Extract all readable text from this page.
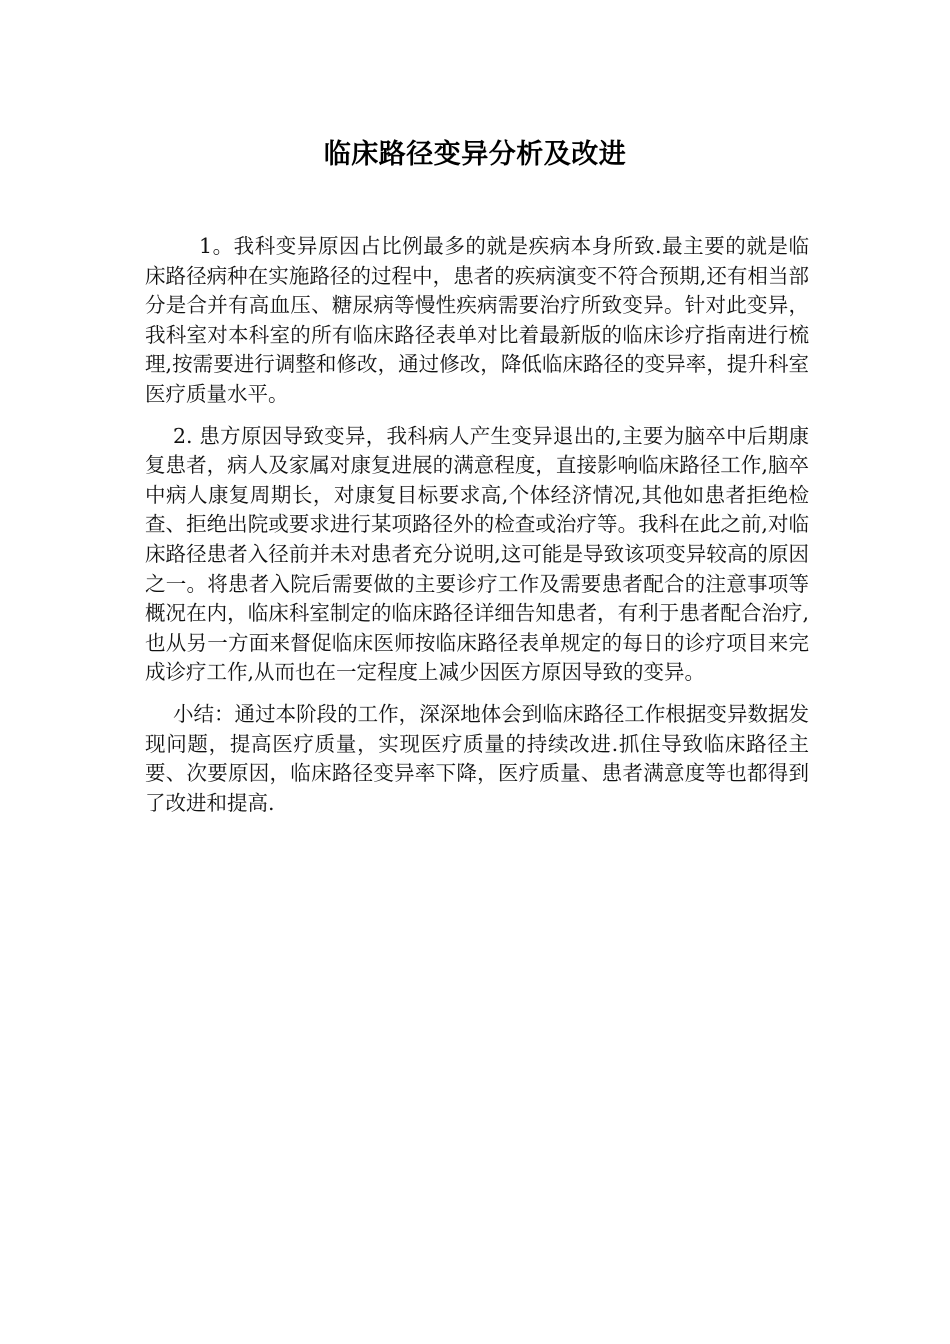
临床路径变异分析及改进

1。我科变异原因占比例最多的就是疾病本身所致.最主要的就是临床路径病种在实施路径的过程中，患者的疾病演变不符合预期,还有相当部分是合并有高血压、糖尿病等慢性疾病需要治疗所致变异。针对此变异，我科室对本科室的所有临床路径表单对比着最新版的临床诊疗指南进行梳理,按需要进行调整和修改，通过修改，降低临床路径的变异率，提升科室医疗质量水平。

2. 患方原因导致变异，我科病人产生变异退出的,主要为脑卒中后期康复患者，病人及家属对康复进展的满意程度，直接影响临床路径工作,脑卒中病人康复周期长，对康复目标要求高,个体经济情况,其他如患者拒绝检查、拒绝出院或要求进行某项路径外的检查或治疗等。我科在此之前,对临床路径患者入径前并未对患者充分说明,这可能是导致该项变异较高的原因之一。将患者入院后需要做的主要诊疗工作及需要患者配合的注意事项等概况在内，临床科室制定的临床路径详细告知患者，有利于患者配合治疗,也从另一方面来督促临床医师按临床路径表单规定的每日的诊疗项目来完成诊疗工作,从而也在一定程度上减少因医方原因导致的变异。

小结：通过本阶段的工作，深深地体会到临床路径工作根据变异数据发现问题，提高医疗质量，实现医疗质量的持续改进.抓住导致临床路径主要、次要原因，临床路径变异率下降，医疗质量、患者满意度等也都得到了改进和提高.
